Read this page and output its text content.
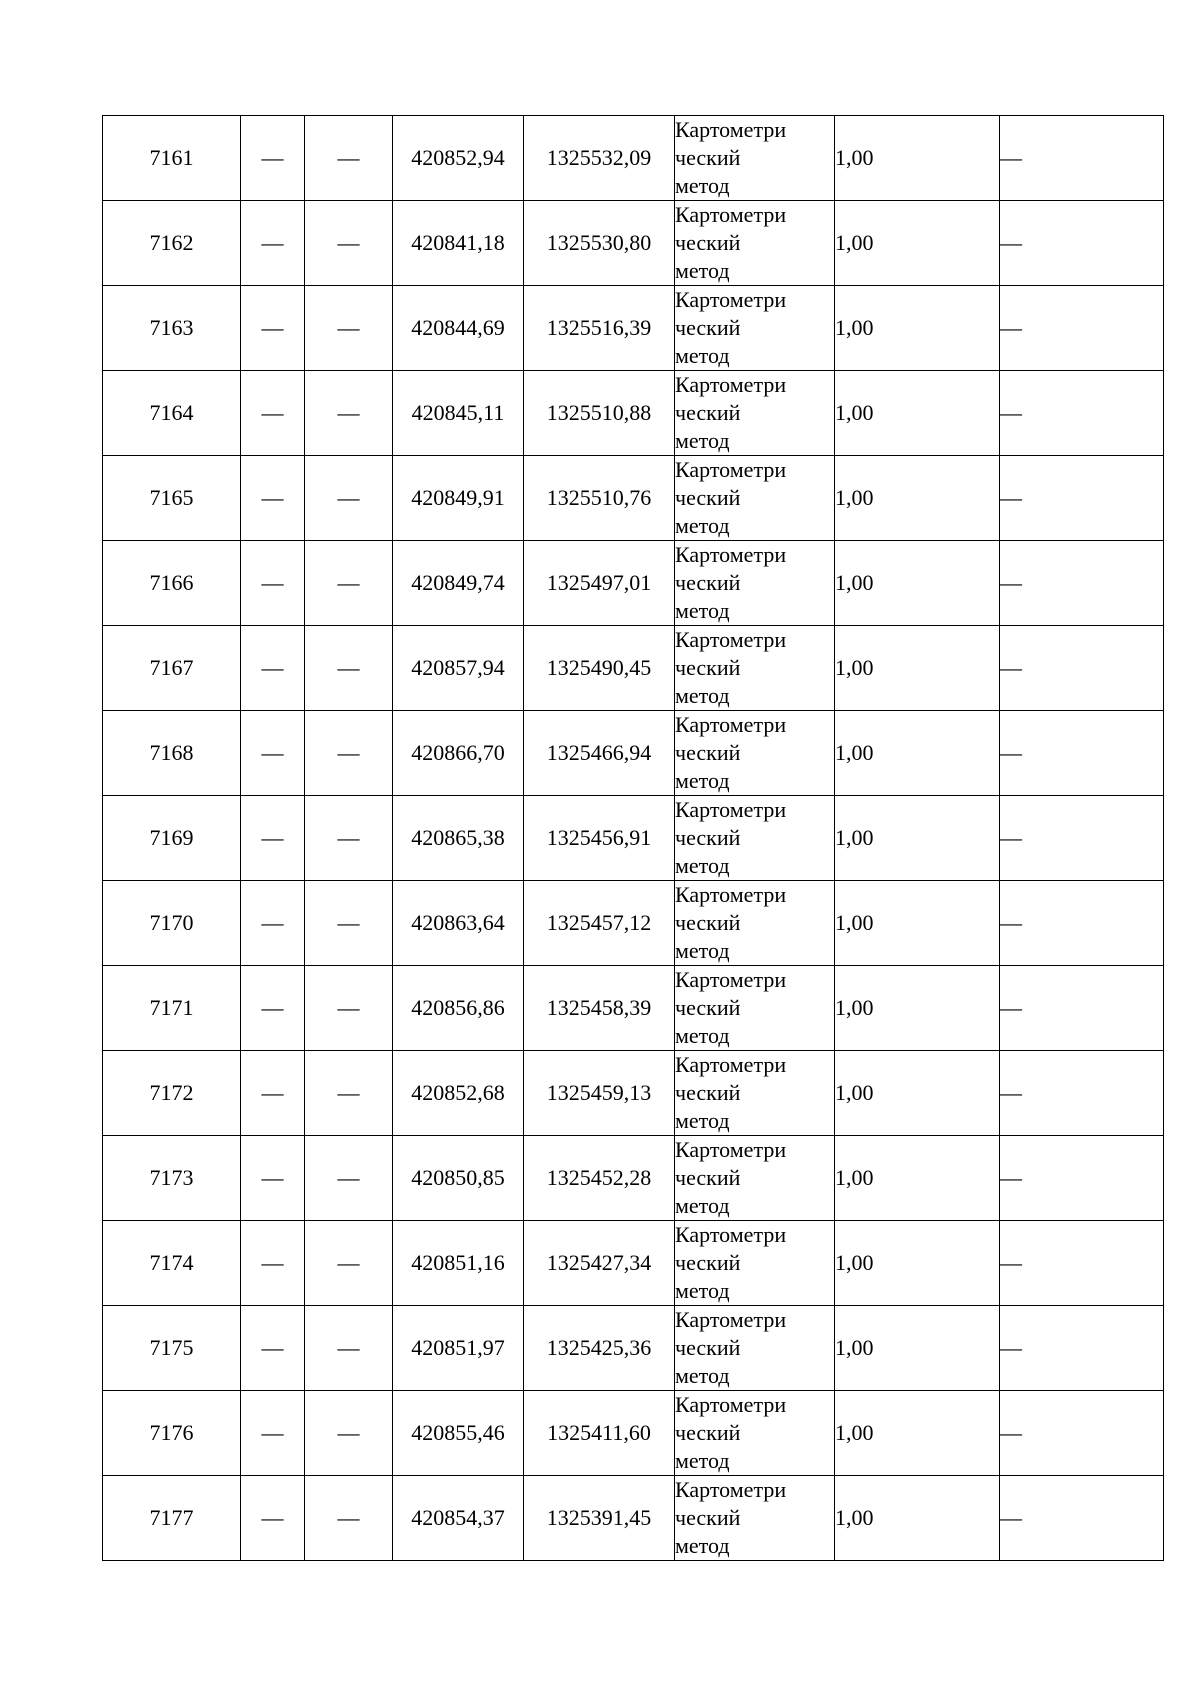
7161	—	—	420852,94	1325532,09	Картометри
ческий
метод	1,00	—
7162	—	—	420841,18	1325530,80	Картометри
ческий
метод	1,00	—
7163	—	—	420844,69	1325516,39	Картометри
ческий
метод	1,00	—
7164	—	—	420845,11	1325510,88	Картометри
ческий
метод	1,00	—
7165	—	—	420849,91	1325510,76	Картометри
ческий
метод	1,00	—
7166	—	—	420849,74	1325497,01	Картометри
ческий
метод	1,00	—
7167	—	—	420857,94	1325490,45	Картометри
ческий
метод	1,00	—
7168	—	—	420866,70	1325466,94	Картометри
ческий
метод	1,00	—
7169	—	—	420865,38	1325456,91	Картометри
ческий
метод	1,00	—
7170	—	—	420863,64	1325457,12	Картометри
ческий
метод	1,00	—
7171	—	—	420856,86	1325458,39	Картометри
ческий
метод	1,00	—
7172	—	—	420852,68	1325459,13	Картометри
ческий
метод	1,00	—
7173	—	—	420850,85	1325452,28	Картометри
ческий
метод	1,00	—
7174	—	—	420851,16	1325427,34	Картометри
ческий
метод	1,00	—
7175	—	—	420851,97	1325425,36	Картометри
ческий
метод	1,00	—
7176	—	—	420855,46	1325411,60	Картометри
ческий
метод	1,00	—
7177	—	—	420854,37	1325391,45	Картометри
ческий
метод	1,00	—
